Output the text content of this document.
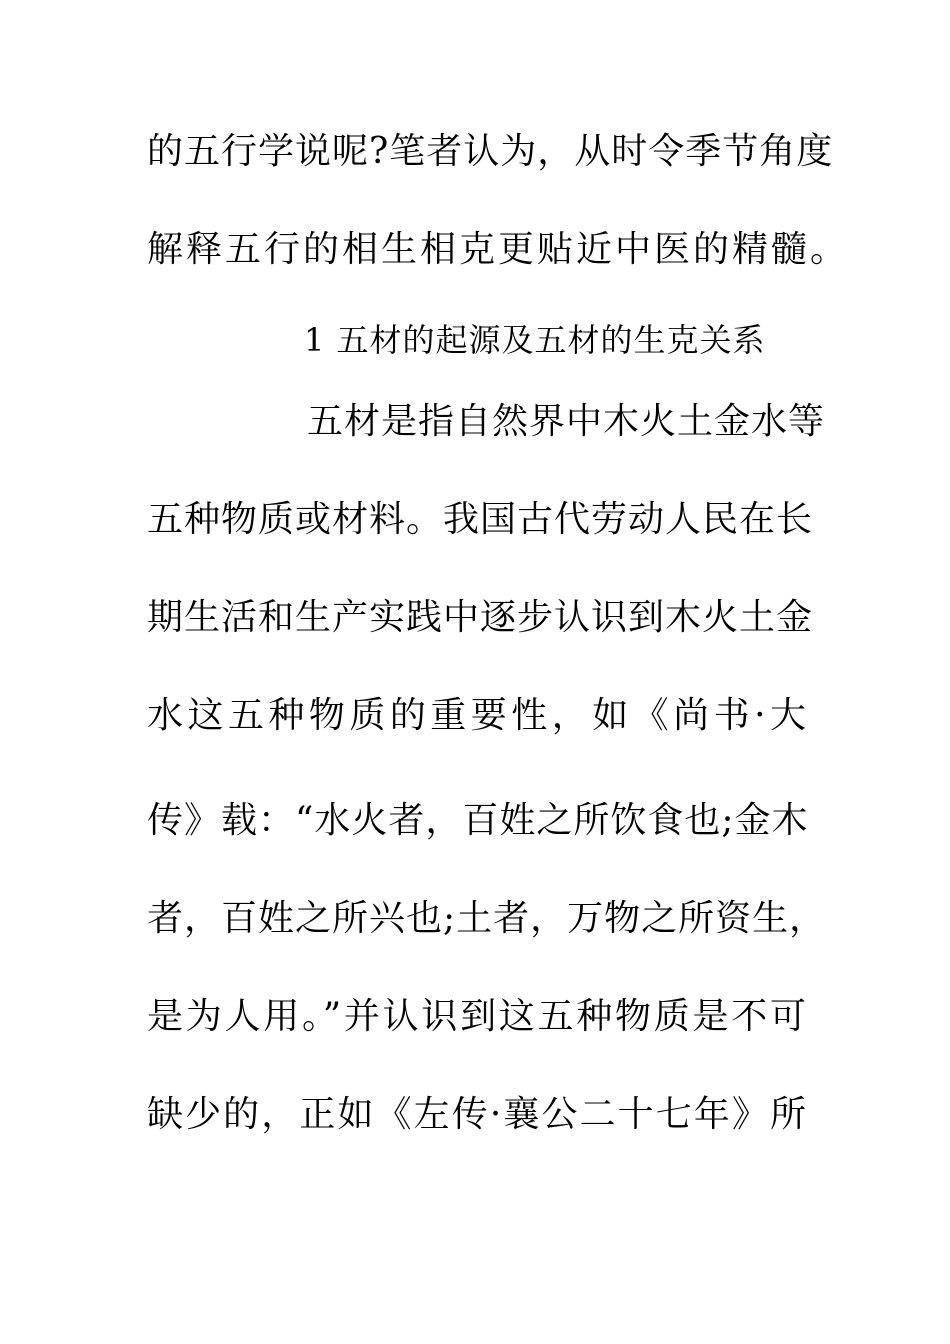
的五行学说呢?笔者认为，从时令季节角度
解释五行的相生相克更贴近中医的精髓。
1 五材的起源及五材的生克关系
五材是指自然界中木火土金水等
五种物质或材料。我国古代劳动人民在长
期生活和生产实践中逐步认识到木火土金
水这五种物质的重要性，如《尚书·大
传》载：“水火者，百姓之所饮食也;金木
者，百姓之所兴也;土者，万物之所资生，
是为人用。”并认识到这五种物质是不可
缺少的，正如《左传·襄公二十七年》所
